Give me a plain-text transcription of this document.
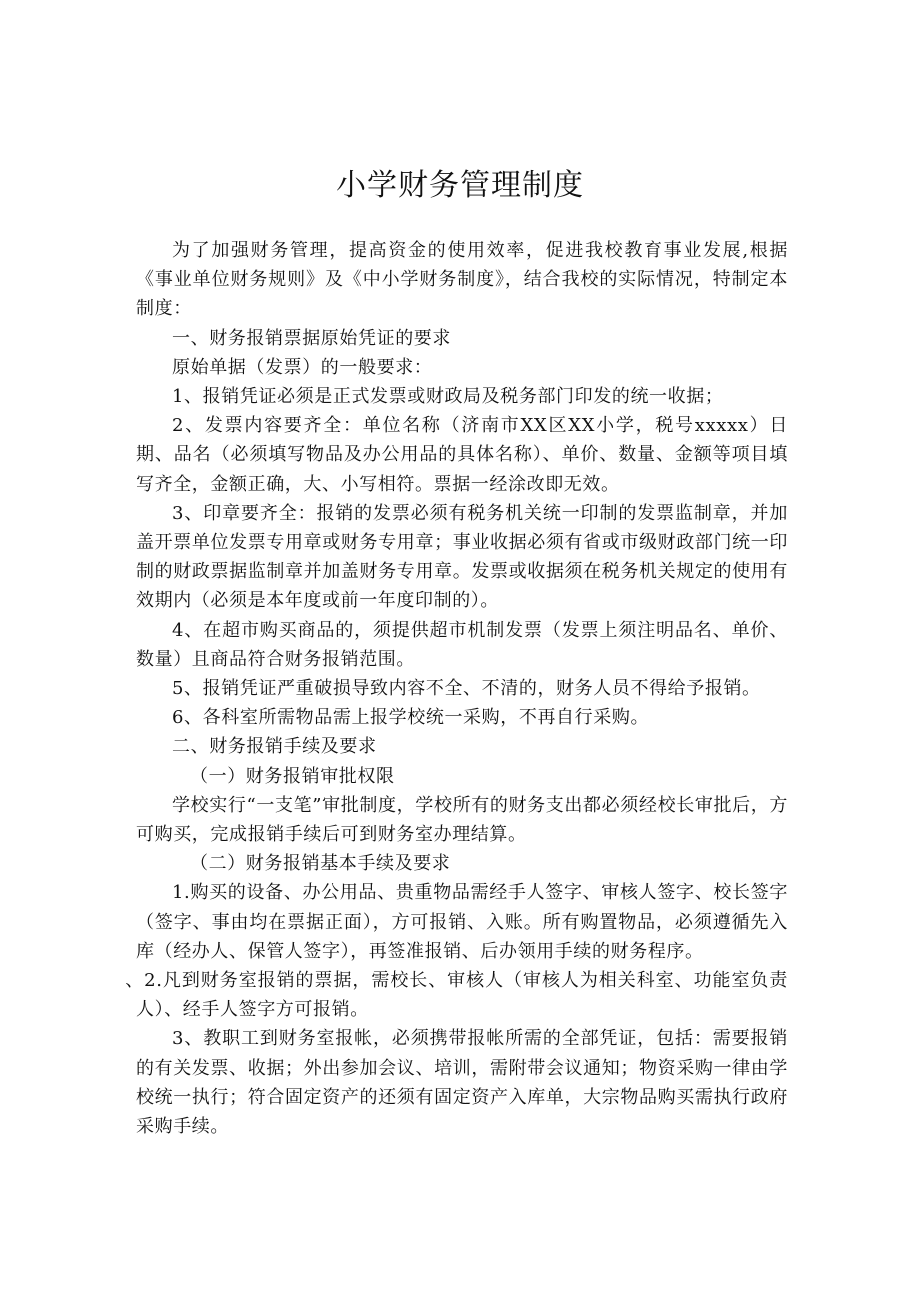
小学财务管理制度

为了加强财务管理，提高资金的使用效率，促进我校教育事业发展,根据《事业单位财务规则》及《中小学财务制度》，结合我校的实际情况，特制定本制度：

一、财务报销票据原始凭证的要求

原始单据（发票）的一般要求：

1、报销凭证必须是正式发票或财政局及税务部门印发的统一收据；

2、发票内容要齐全：单位名称（济南市XX区XX小学，税号xxxxx）日期、品名（必须填写物品及办公用品的具体名称）、单价、数量、金额等项目填写齐全，金额正确，大、小写相符。票据一经涂改即无效。

3、印章要齐全：报销的发票必须有税务机关统一印制的发票监制章，并加盖开票单位发票专用章或财务专用章；事业收据必须有省或市级财政部门统一印制的财政票据监制章并加盖财务专用章。发票或收据须在税务机关规定的使用有效期内（必须是本年度或前一年度印制的）。

4、在超市购买商品的，须提供超市机制发票（发票上须注明品名、单价、数量）且商品符合财务报销范围。

5、报销凭证严重破损导致内容不全、不清的，财务人员不得给予报销。

6、各科室所需物品需上报学校统一采购，不再自行采购。

二、财务报销手续及要求

（一）财务报销审批权限

学校实行“一支笔”审批制度，学校所有的财务支出都必须经校长审批后，方可购买，完成报销手续后可到财务室办理结算。

（二）财务报销基本手续及要求

1.购买的设备、办公用品、贵重物品需经手人签字、审核人签字、校长签字（签字、事由均在票据正面），方可报销、入账。所有购置物品，必须遵循先入库（经办人、保管人签字），再签准报销、后办领用手续的财务程序。

、2.凡到财务室报销的票据，需校长、审核人（审核人为相关科室、功能室负责人）、经手人签字方可报销。

3、教职工到财务室报帐，必须携带报帐所需的全部凭证，包括：需要报销的有关发票、收据；外出参加会议、培训，需附带会议通知；物资采购一律由学校统一执行；符合固定资产的还须有固定资产入库单，大宗物品购买需执行政府采购手续。
